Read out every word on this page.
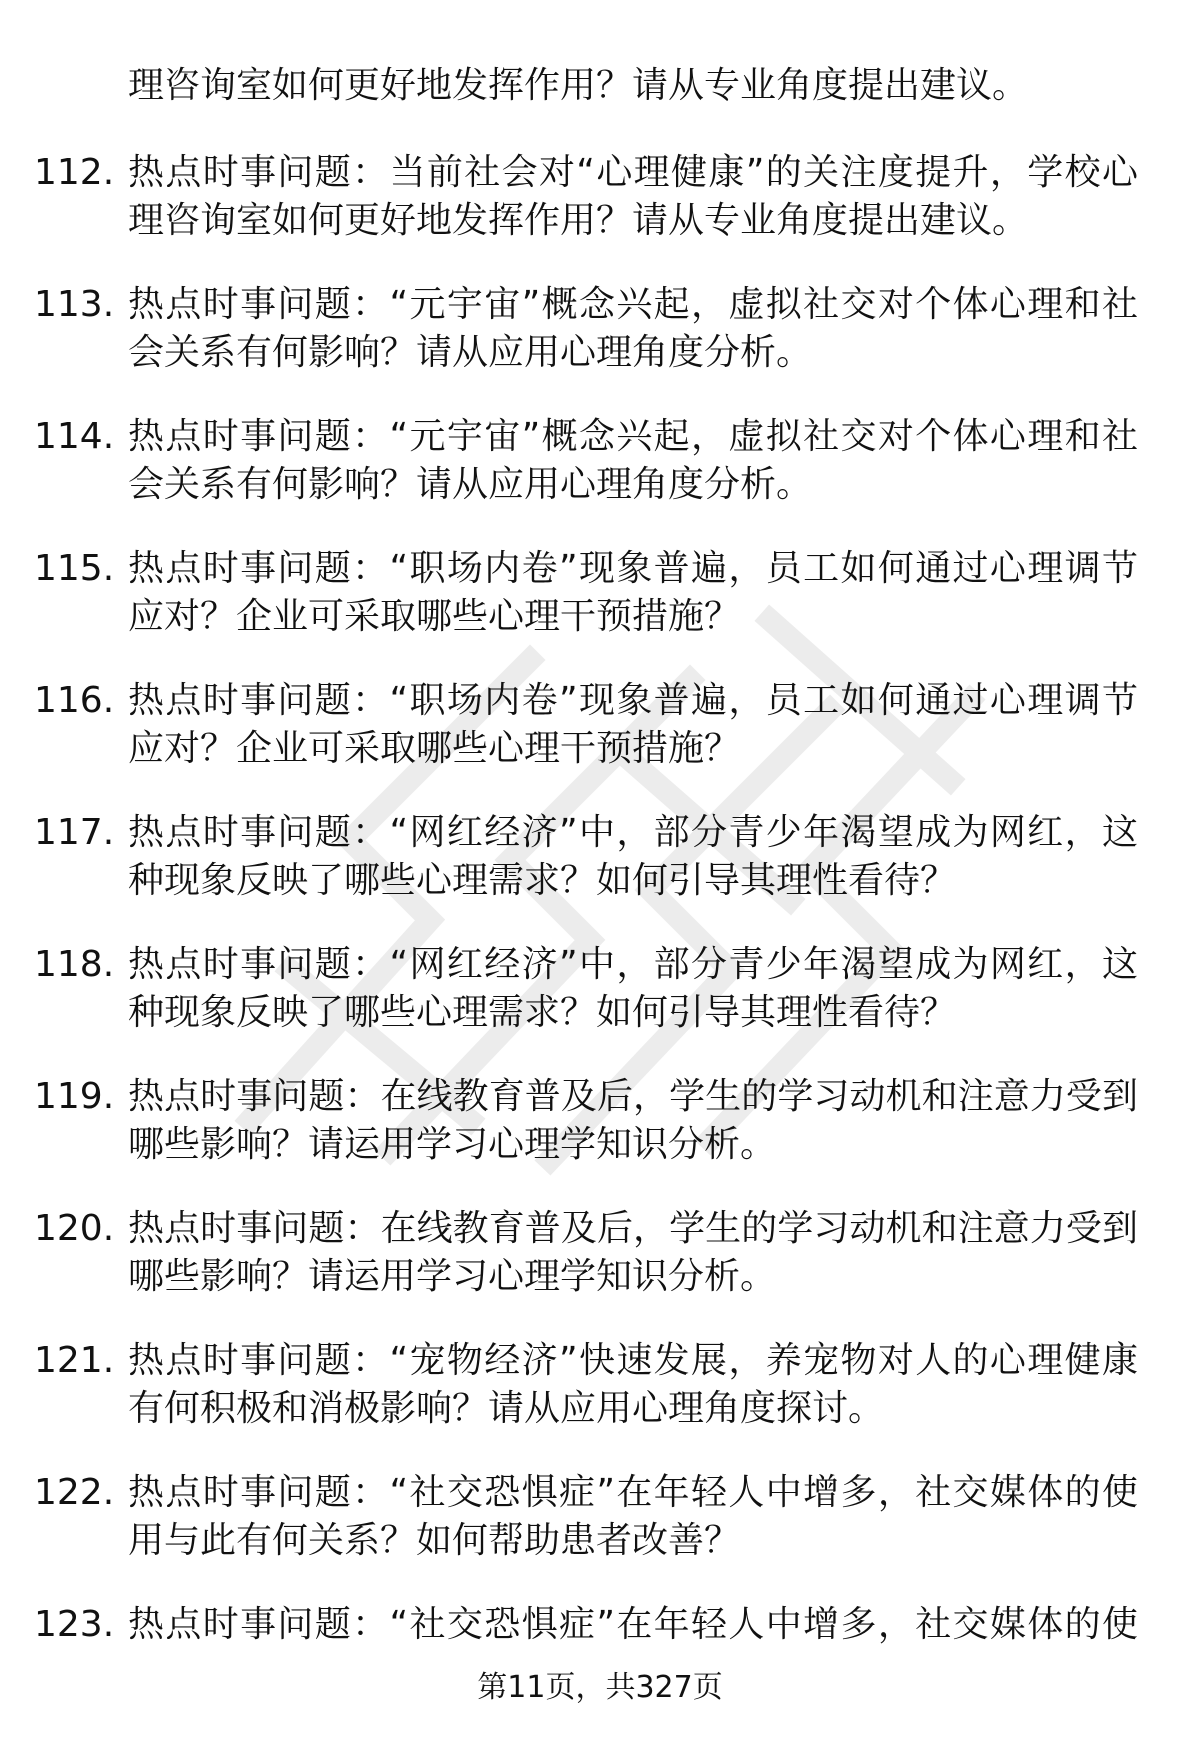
理咨询室如何更好地发挥作用？请从专业角度提出建议。
112. 热点时事问题：当前社会对“心理健康”的关注度提升，学校心
理咨询室如何更好地发挥作用？请从专业角度提出建议。
113. 热点时事问题：“元宇宙”概念兴起，虚拟社交对个体心理和社
会关系有何影响？请从应用心理角度分析。
114. 热点时事问题：“元宇宙”概念兴起，虚拟社交对个体心理和社
会关系有何影响？请从应用心理角度分析。
115. 热点时事问题：“职场内卷”现象普遍，员工如何通过心理调节
应对？企业可采取哪些心理干预措施？
116. 热点时事问题：“职场内卷”现象普遍，员工如何通过心理调节
应对？企业可采取哪些心理干预措施？
117. 热点时事问题：“网红经济”中，部分青少年渴望成为网红，这
种现象反映了哪些心理需求？如何引导其理性看待？
118. 热点时事问题：“网红经济”中，部分青少年渴望成为网红，这
种现象反映了哪些心理需求？如何引导其理性看待？
119. 热点时事问题：在线教育普及后，学生的学习动机和注意力受到
哪些影响？请运用学习心理学知识分析。
120. 热点时事问题：在线教育普及后，学生的学习动机和注意力受到
哪些影响？请运用学习心理学知识分析。
121. 热点时事问题：“宠物经济”快速发展，养宠物对人的心理健康
有何积极和消极影响？请从应用心理角度探讨。
122. 热点时事问题：“社交恐惧症”在年轻人中增多，社交媒体的使
用与此有何关系？如何帮助患者改善？
123. 热点时事问题：“社交恐惧症”在年轻人中增多，社交媒体的使
第11页，共327页
